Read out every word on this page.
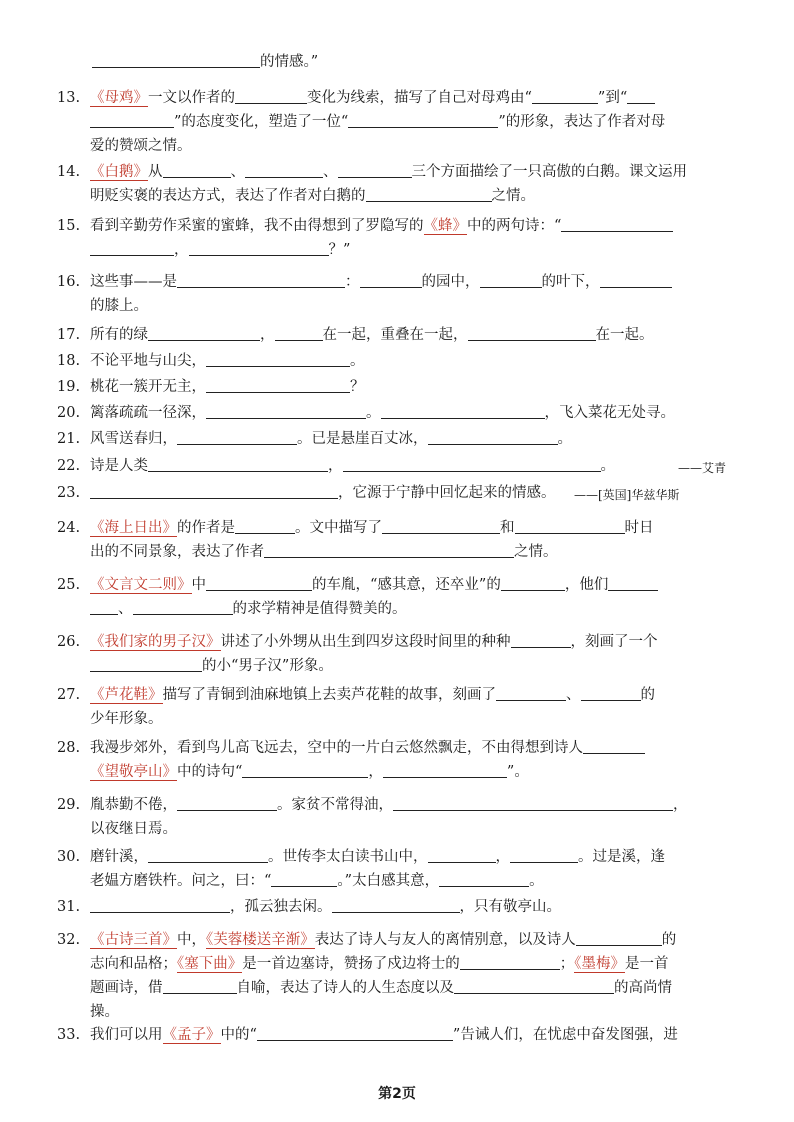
的情感。”
13.	《 母鸡 》 一文以作者的	变化为线索，描写了自己对母鸡由“	”到“
”的态度变化，塑造了一位“	”的形象，表达了作者对母
爱的赞颂之情。
14.	《 白鹅 》 从	、	、	三个方面描绘了一只高傲的白鹅。课文运用
明贬实褒的表达方式，表达了作者对白鹅的	之情。
15. 看到辛勤劳作采蜜的蜜蜂，我不由得想到了罗隐写的 《 蜂 》 中的两句诗：“
，	？”
16. 这些事——是	：	的园中，	的叶下，
的膝上。
17. 所有的绿	，	在一起，重叠在一起，	在一起。
18. 不论平地与山尖，	。
19. 桃花一簇开无主，	？
20. 篱落疏疏一径深，	。	，飞入菜花无处寻。
21. 风雪送春归，	。已是悬崖百丈冰，	。
22. 诗是人类	，	。	——艾青
23.	，它源于宁静中回忆起来的情感。 ——[英国]华兹华斯
24.	《 海上日出 》 的作者是	。文中描写了	和	时日
出的不同景象，表达了作者	之情。
25.	《 文言文二则 》 中	的车胤，“感其意，还卒业”的	，他们
、	的求学精神是值得赞美的。
26.	《 我们家的男子汉 》 讲述了小外甥从出生到四岁这段时间里的种种	，刻画了一个
的小“男子汉”形象。
27.	《 芦花鞋 》 描写了青铜到油麻地镇上去卖芦花鞋的故事，刻画了	、	的
少年形象。
28. 我漫步郊外，看到鸟儿高飞远去，空中的一片白云悠然飘走，不由得想到诗人
《 望敬亭山 》 中的诗句“	，	”。
29. 胤恭勤不倦，	。家贫不常得油，	，
以夜继日焉。
30. 磨针溪，	。世传李太白读书山中，	，	。过是溪，逢
老媪方磨铁杵。问之，曰：“	。”太白感其意，	。
31.	，孤云独去闲。	，只有敬亭山。
32.	《 古诗三首 》 中， 《 芙蓉楼送辛渐 》 表达了诗人与友人的离情别意，以及诗人	的
志向和品格； 《 塞下曲 》 是一首边塞诗，赞扬了戍边将士的	； 《 墨梅 》 是一首
题画诗，借	自喻，表达了诗人的人生态度以及	的高尚情
操。
33. 我们可以用 《 孟子 》 中的“	”告诫人们，在忧虑中奋发图强，进
第2页
